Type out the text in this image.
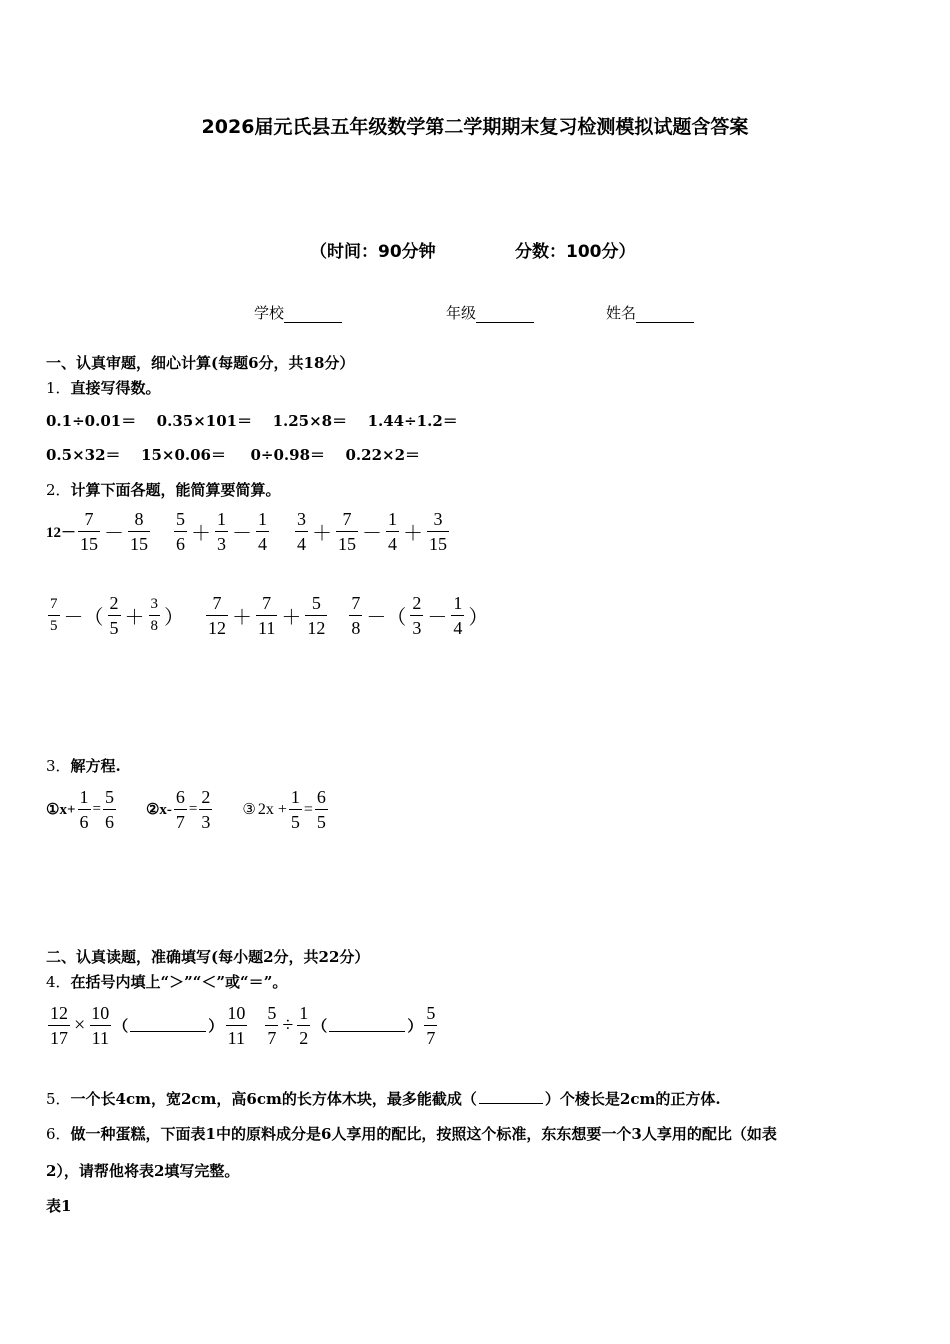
2026届元氏县五年级数学第二学期期末复习检测模拟试题含答案
（时间：90分钟	分数：100分）
学校	年级	姓名
一、认真审题，细心计算(每题6分，共18分）
1．直接写得数。
0.1÷0.01＝ 0.35×101＝ 1.25×8＝ 1.44÷1.2＝
0.5×32＝ 15×0.06＝ 0÷0.98＝ 0.22×2＝
2．计算下面各题，能简算要简算。
$12- \frac{7}{15} - \frac{8}{15} \frac{5}{6} + \frac{1}{3} - \frac{1}{4} \frac{3}{4} + \frac{7}{15} - \frac{1}{4} + \frac{3}{15}$
$\frac{7}{5}$ －（ $\frac{2}{5} + \frac{3}{8}$ ） $\frac{7}{12} + \frac{7}{11} + \frac{5}{12} \frac{7}{8}$ －（ $\frac{2}{3} - \frac{1}{4}$ ）
3．解方程.
①x+ $\frac{1}{6} = \frac{5}{6}$ ②x- $\frac{6}{7} = \frac{2}{3}$ ③ $2x + \frac{1}{5} = \frac{6}{5}$
二、认真读题，准确填写(每小题2分，共22分）
4．在括号内填上“＞”“＜”或“＝”。
$\frac{12}{17} \times \frac{10}{11}$ （	） $\frac{10}{11} \frac{5}{7} \div \frac{1}{2}$ （	） $\frac{5}{7}$
5．一个长4cm，宽2cm，高6cm的长方体木块，最多能截成（	）个棱长是2cm的正方体.
6．做一种蛋糕，下面表1中的原料成分是6人享用的配比，按照这个标准，东东想要一个3人享用的配比（如表
2），请帮他将表2填写完整。
表1
